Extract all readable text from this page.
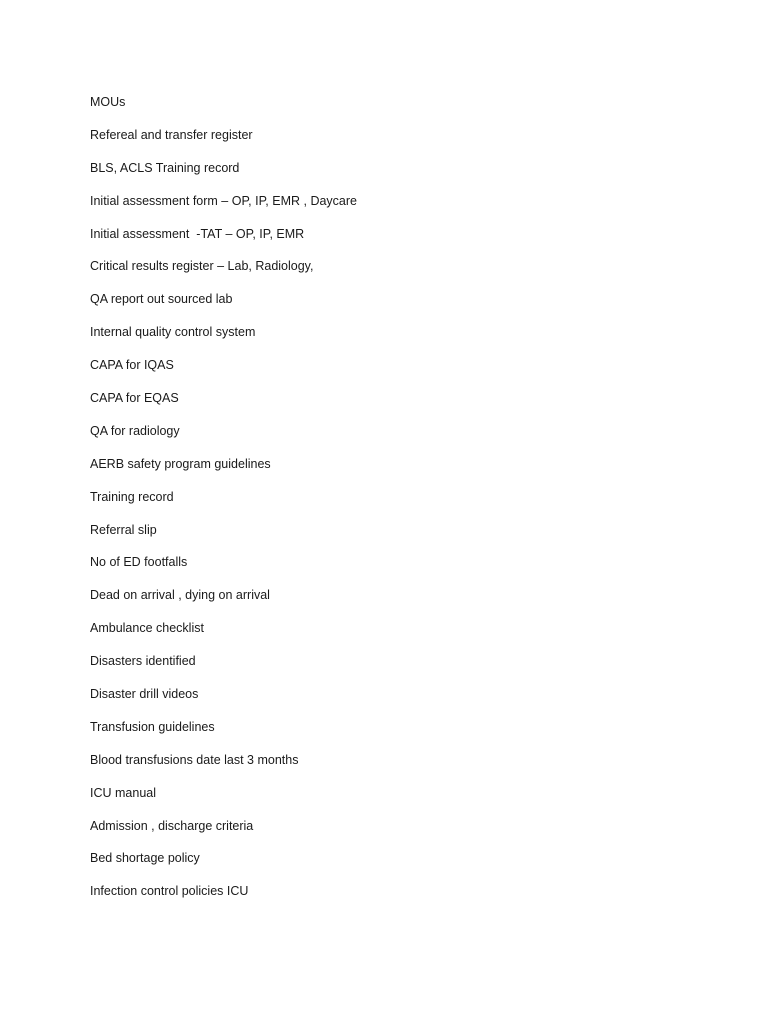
MOUs
Refereal and transfer register
BLS, ACLS Training record
Initial assessment form – OP, IP, EMR , Daycare
Initial assessment  -TAT – OP, IP, EMR
Critical results register – Lab, Radiology,
QA report out sourced lab
Internal quality control system
CAPA for IQAS
CAPA for EQAS
QA for radiology
AERB safety program guidelines
Training record
Referral slip
No of ED footfalls
Dead on arrival , dying on arrival
Ambulance checklist
Disasters identified
Disaster drill videos
Transfusion guidelines
Blood transfusions date last 3 months
ICU manual
Admission , discharge criteria
Bed shortage policy
Infection control policies ICU
